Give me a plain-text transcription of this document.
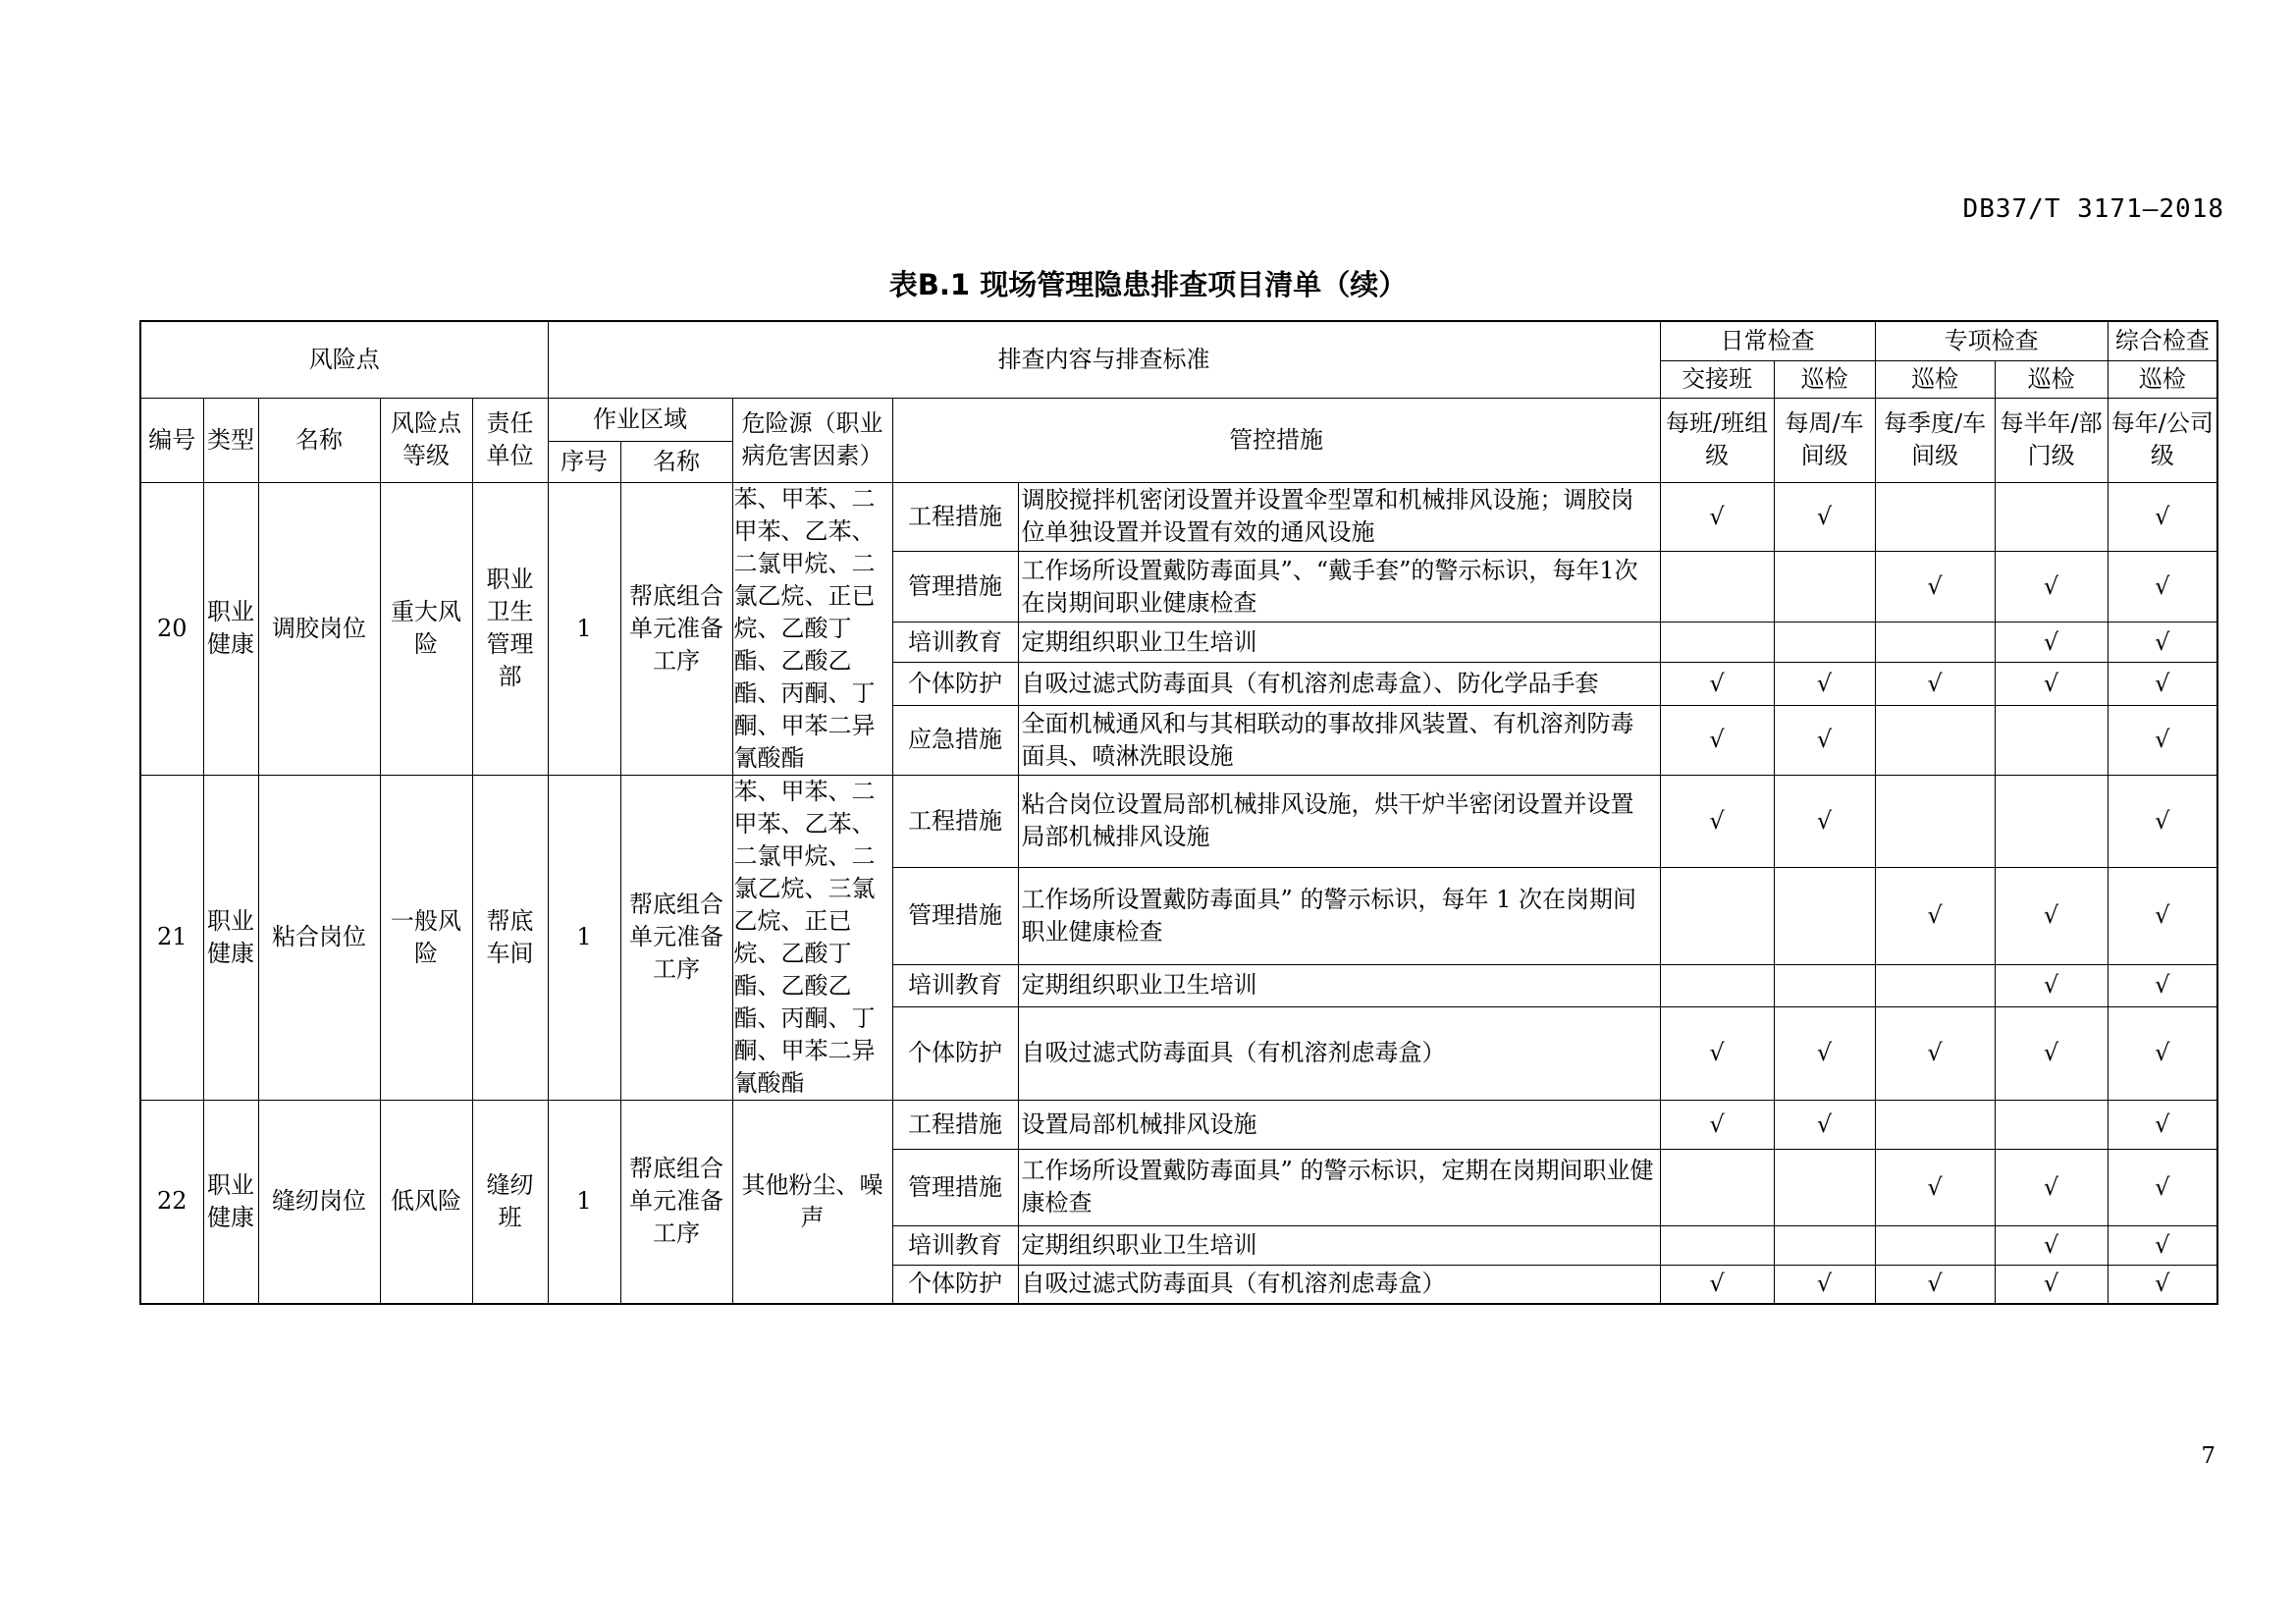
DB37/T 3171—2018
表B.1 现场管理隐患排查项目清单（续）
风险点					排查内容与排查标准					日常检查		专项检查		综合检查
										交接班	巡检	巡检	巡检	巡检
编号	类型	名称	风险点等级	责任单位	作业区域		危险源（职业病危害因素）	管控措施		每班/班组级	每周/车间级	每季度/车间级	每半年/部门级	每年/公司级
					序号	名称								
20	职业健康	调胶岗位	重大风险	职业卫生管理部	1	帮底组合单元准备工序	苯、甲苯、二甲苯、乙苯、二氯甲烷、二氯乙烷、正已烷、乙酸丁酯、乙酸乙酯、丙酮、丁酮、甲苯二异氰酸酯	工程措施	调胶搅拌机密闭设置并设置伞型罩和机械排风设施；调胶岗位单独设置并设置有效的通风设施	√	√			√
								管理措施	工作场所设置戴防毒面具”、“戴手套”的警示标识，每年1次在岗期间职业健康检查			√	√	√
								培训教育	定期组织职业卫生培训				√	√
								个体防护	自吸过滤式防毒面具（有机溶剂虑毒盒）、防化学品手套	√	√	√	√	√
								应急措施	全面机械通风和与其相联动的事故排风装置、有机溶剂防毒面具、喷淋洗眼设施	√	√			√
21	职业健康	粘合岗位	一般风险	帮底车间	1	帮底组合单元准备工序	苯、甲苯、二甲苯、乙苯、二氯甲烷、二氯乙烷、三氯乙烷、正已烷、乙酸丁酯、乙酸乙酯、丙酮、丁酮、甲苯二异氰酸酯	工程措施	粘合岗位设置局部机械排风设施，烘干炉半密闭设置并设置局部机械排风设施	√	√			√
								管理措施	工作场所设置戴防毒面具” 的警示标识，每年 1 次在岗期间职业健康检查			√	√	√
								培训教育	定期组织职业卫生培训				√	√
								个体防护	自吸过滤式防毒面具（有机溶剂虑毒盒）	√	√	√	√	√
22	职业健康	缝纫岗位	低风险	缝纫班	1	帮底组合单元准备工序	其他粉尘、噪声	工程措施	设置局部机械排风设施	√	√			√
								管理措施	工作场所设置戴防毒面具” 的警示标识，定期在岗期间职业健康检查			√	√	√
								培训教育	定期组织职业卫生培训				√	√
								个体防护	自吸过滤式防毒面具（有机溶剂虑毒盒）	√	√	√	√	√
7
